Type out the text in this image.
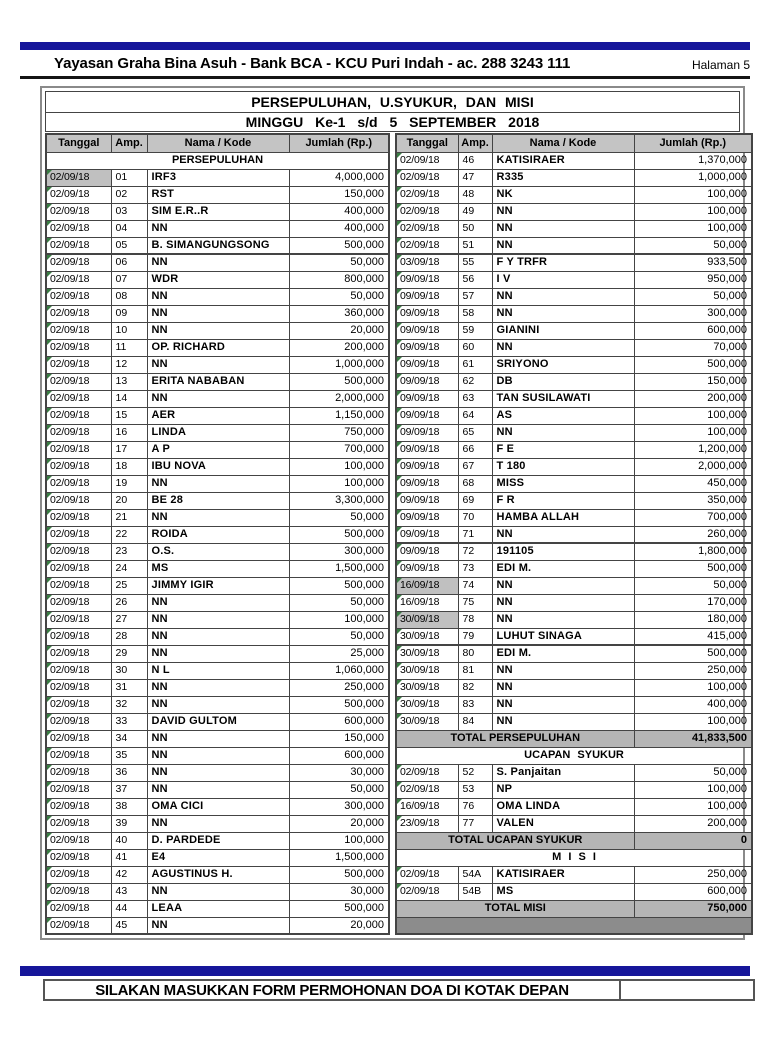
Yayasan Graha Bina Asuh - Bank BCA - KCU Puri Indah - ac. 288 3243 111	Halaman 5
PERSEPULUHAN, U.SYUKUR, DAN MISI
MINGGU Ke-1 s/d 5 SEPTEMBER 2018
Tanggal	Amp.	Nama / Kode	Jumlah (Rp.)
PERSEPULUHAN			
02/09/18	01	IRF3	4,000,000
02/09/18	02	RST	150,000
02/09/18	03	SIM E.R..R	400,000
02/09/18	04	NN	400,000
02/09/18	05	B. SIMANGUNGSONG	500,000
02/09/18	06	NN	50,000
02/09/18	07	WDR	800,000
02/09/18	08	NN	50,000
02/09/18	09	NN	360,000
02/09/18	10	NN	20,000
02/09/18	11	OP. RICHARD	200,000
02/09/18	12	NN	1,000,000
02/09/18	13	ERITA NABABAN	500,000
02/09/18	14	NN	2,000,000
02/09/18	15	AER	1,150,000
02/09/18	16	LINDA	750,000
02/09/18	17	A P	700,000
02/09/18	18	IBU NOVA	100,000
02/09/18	19	NN	100,000
02/09/18	20	BE 28	3,300,000
02/09/18	21	NN	50,000
02/09/18	22	ROIDA	500,000
02/09/18	23	O.S.	300,000
02/09/18	24	MS	1,500,000
02/09/18	25	JIMMY IGIR	500,000
02/09/18	26	NN	50,000
02/09/18	27	NN	100,000
02/09/18	28	NN	50,000
02/09/18	29	NN	25,000
02/09/18	30	N L	1,060,000
02/09/18	31	NN	250,000
02/09/18	32	NN	500,000
02/09/18	33	DAVID GULTOM	600,000
02/09/18	34	NN	150,000
02/09/18	35	NN	600,000
02/09/18	36	NN	30,000
02/09/18	37	NN	50,000
02/09/18	38	OMA CICI	300,000
02/09/18	39	NN	20,000
02/09/18	40	D. PARDEDE	100,000
02/09/18	41	E4	1,500,000
02/09/18	42	AGUSTINUS H.	500,000
02/09/18	43	NN	30,000
02/09/18	44	LEAA	500,000
02/09/18	45	NN	20,000
Tanggal	Amp.	Nama / Kode	Jumlah (Rp.)
02/09/18	46	KATISIRAER	1,370,000
02/09/18	47	R335	1,000,000
02/09/18	48	NK	100,000
02/09/18	49	NN	100,000
02/09/18	50	NN	100,000
02/09/18	51	NN	50,000
03/09/18	55	F Y TRFR	933,500
09/09/18	56	I V	950,000
09/09/18	57	NN	50,000
09/09/18	58	NN	300,000
09/09/18	59	GIANINI	600,000
09/09/18	60	NN	70,000
09/09/18	61	SRIYONO	500,000
09/09/18	62	DB	150,000
09/09/18	63	TAN SUSILAWATI	200,000
09/09/18	64	AS	100,000
09/09/18	65	NN	100,000
09/09/18	66	F E	1,200,000
09/09/18	67	T 180	2,000,000
09/09/18	68	MISS	450,000
09/09/18	69	F R	350,000
09/09/18	70	HAMBA ALLAH	700,000
09/09/18	71	NN	260,000
09/09/18	72	191105	1,800,000
09/09/18	73	EDI M.	500,000
16/09/18	74	NN	50,000
16/09/18	75	NN	170,000
30/09/18	78	NN	180,000
30/09/18	79	LUHUT SINAGA	415,000
30/09/18	80	EDI M.	500,000
30/09/18	81	NN	250,000
30/09/18	82	NN	100,000
30/09/18	83	NN	400,000
30/09/18	84	NN	100,000
TOTAL PERSEPULUHAN			41,833,500
UCAPAN SYUKUR			
02/09/18	52	S. Panjaitan	50,000
02/09/18	53	NP	100,000
16/09/18	76	OMA LINDA	100,000
23/09/18	77	VALEN	200,000
TOTAL UCAPAN SYUKUR			0
M I S I			
02/09/18	54A	KATISIRAER	250,000
02/09/18	54B	MS	600,000
TOTAL MISI			750,000

SILAKAN MASUKKAN FORM PERMOHONAN DOA DI KOTAK DEPAN
